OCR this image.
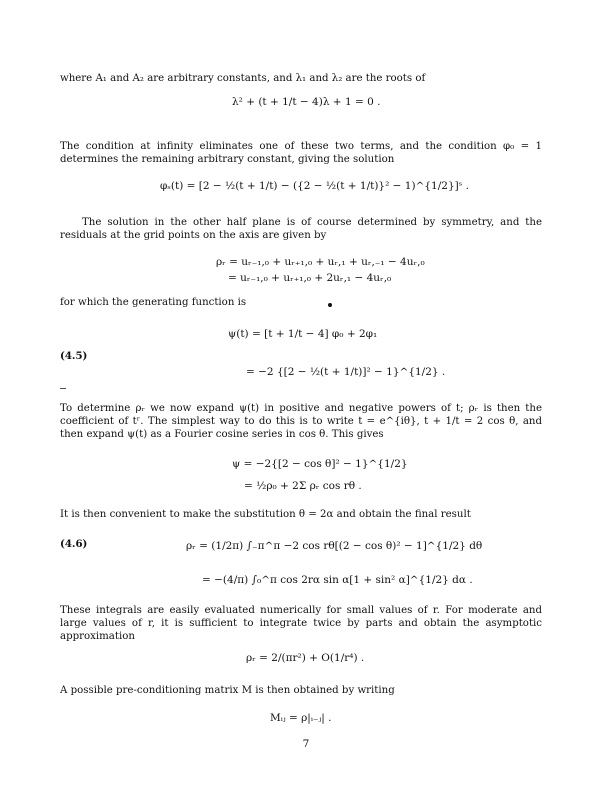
where A₁ and A₂ are arbitrary constants, and λ₁ and λ₂ are the roots of
λ² + (t + 1/t − 4)λ + 1 = 0 .
The condition at infinity eliminates one of these two terms, and the condition φ₀ = 1 determines the remaining arbitrary constant, giving the solution
φₛ(t) = [2 − ½(t + 1/t) − ({2 − ½(t + 1/t)}² − 1)^{1/2}]ˢ .
The solution in the other half plane is of course determined by symmetry, and the residuals at the grid points on the axis are given by
ρᵣ = uᵣ₋₁,₀ + uᵣ₊₁,₀ + uᵣ,₁ + uᵣ,₋₁ − 4uᵣ,₀
= uᵣ₋₁,₀ + uᵣ₊₁,₀ + 2uᵣ,₁ − 4uᵣ,₀
for which the generating function is
ψ(t) = [t + 1/t − 4] φ₀ + 2φ₁
(4.5)
= −2 {[2 − ½(t + 1/t)]² − 1}^{1/2} .
To determine ρᵣ we now expand ψ(t) in positive and negative powers of t; ρᵣ is then the coefficient of tʳ. The simplest way to do this is to write t = e^{iθ}, t + 1/t = 2 cos θ, and then expand ψ(t) as a Fourier cosine series in cos θ. This gives
ψ = −2{[2 − cos θ]² − 1}^{1/2}
= ½ρ₀ + 2Σ ρᵣ cos rθ .
It is then convenient to make the substitution θ = 2α and obtain the final result
(4.6)	ρᵣ = (1/2π) ∫₋π^π −2 cos rθ[(2 − cos θ)² − 1]^{1/2} dθ
= −(4/π) ∫₀^π cos 2rα sin α[1 + sin² α]^{1/2} dα .
These integrals are easily evaluated numerically for small values of r. For moderate and large values of r, it is sufficient to integrate twice by parts and obtain the asymptotic approximation
ρᵣ = 2/(πr²) + O(1/r⁴) .
A possible pre-conditioning matrix M is then obtained by writing
Mᵢⱼ = ρ|ᵢ₋ⱼ| .
7
